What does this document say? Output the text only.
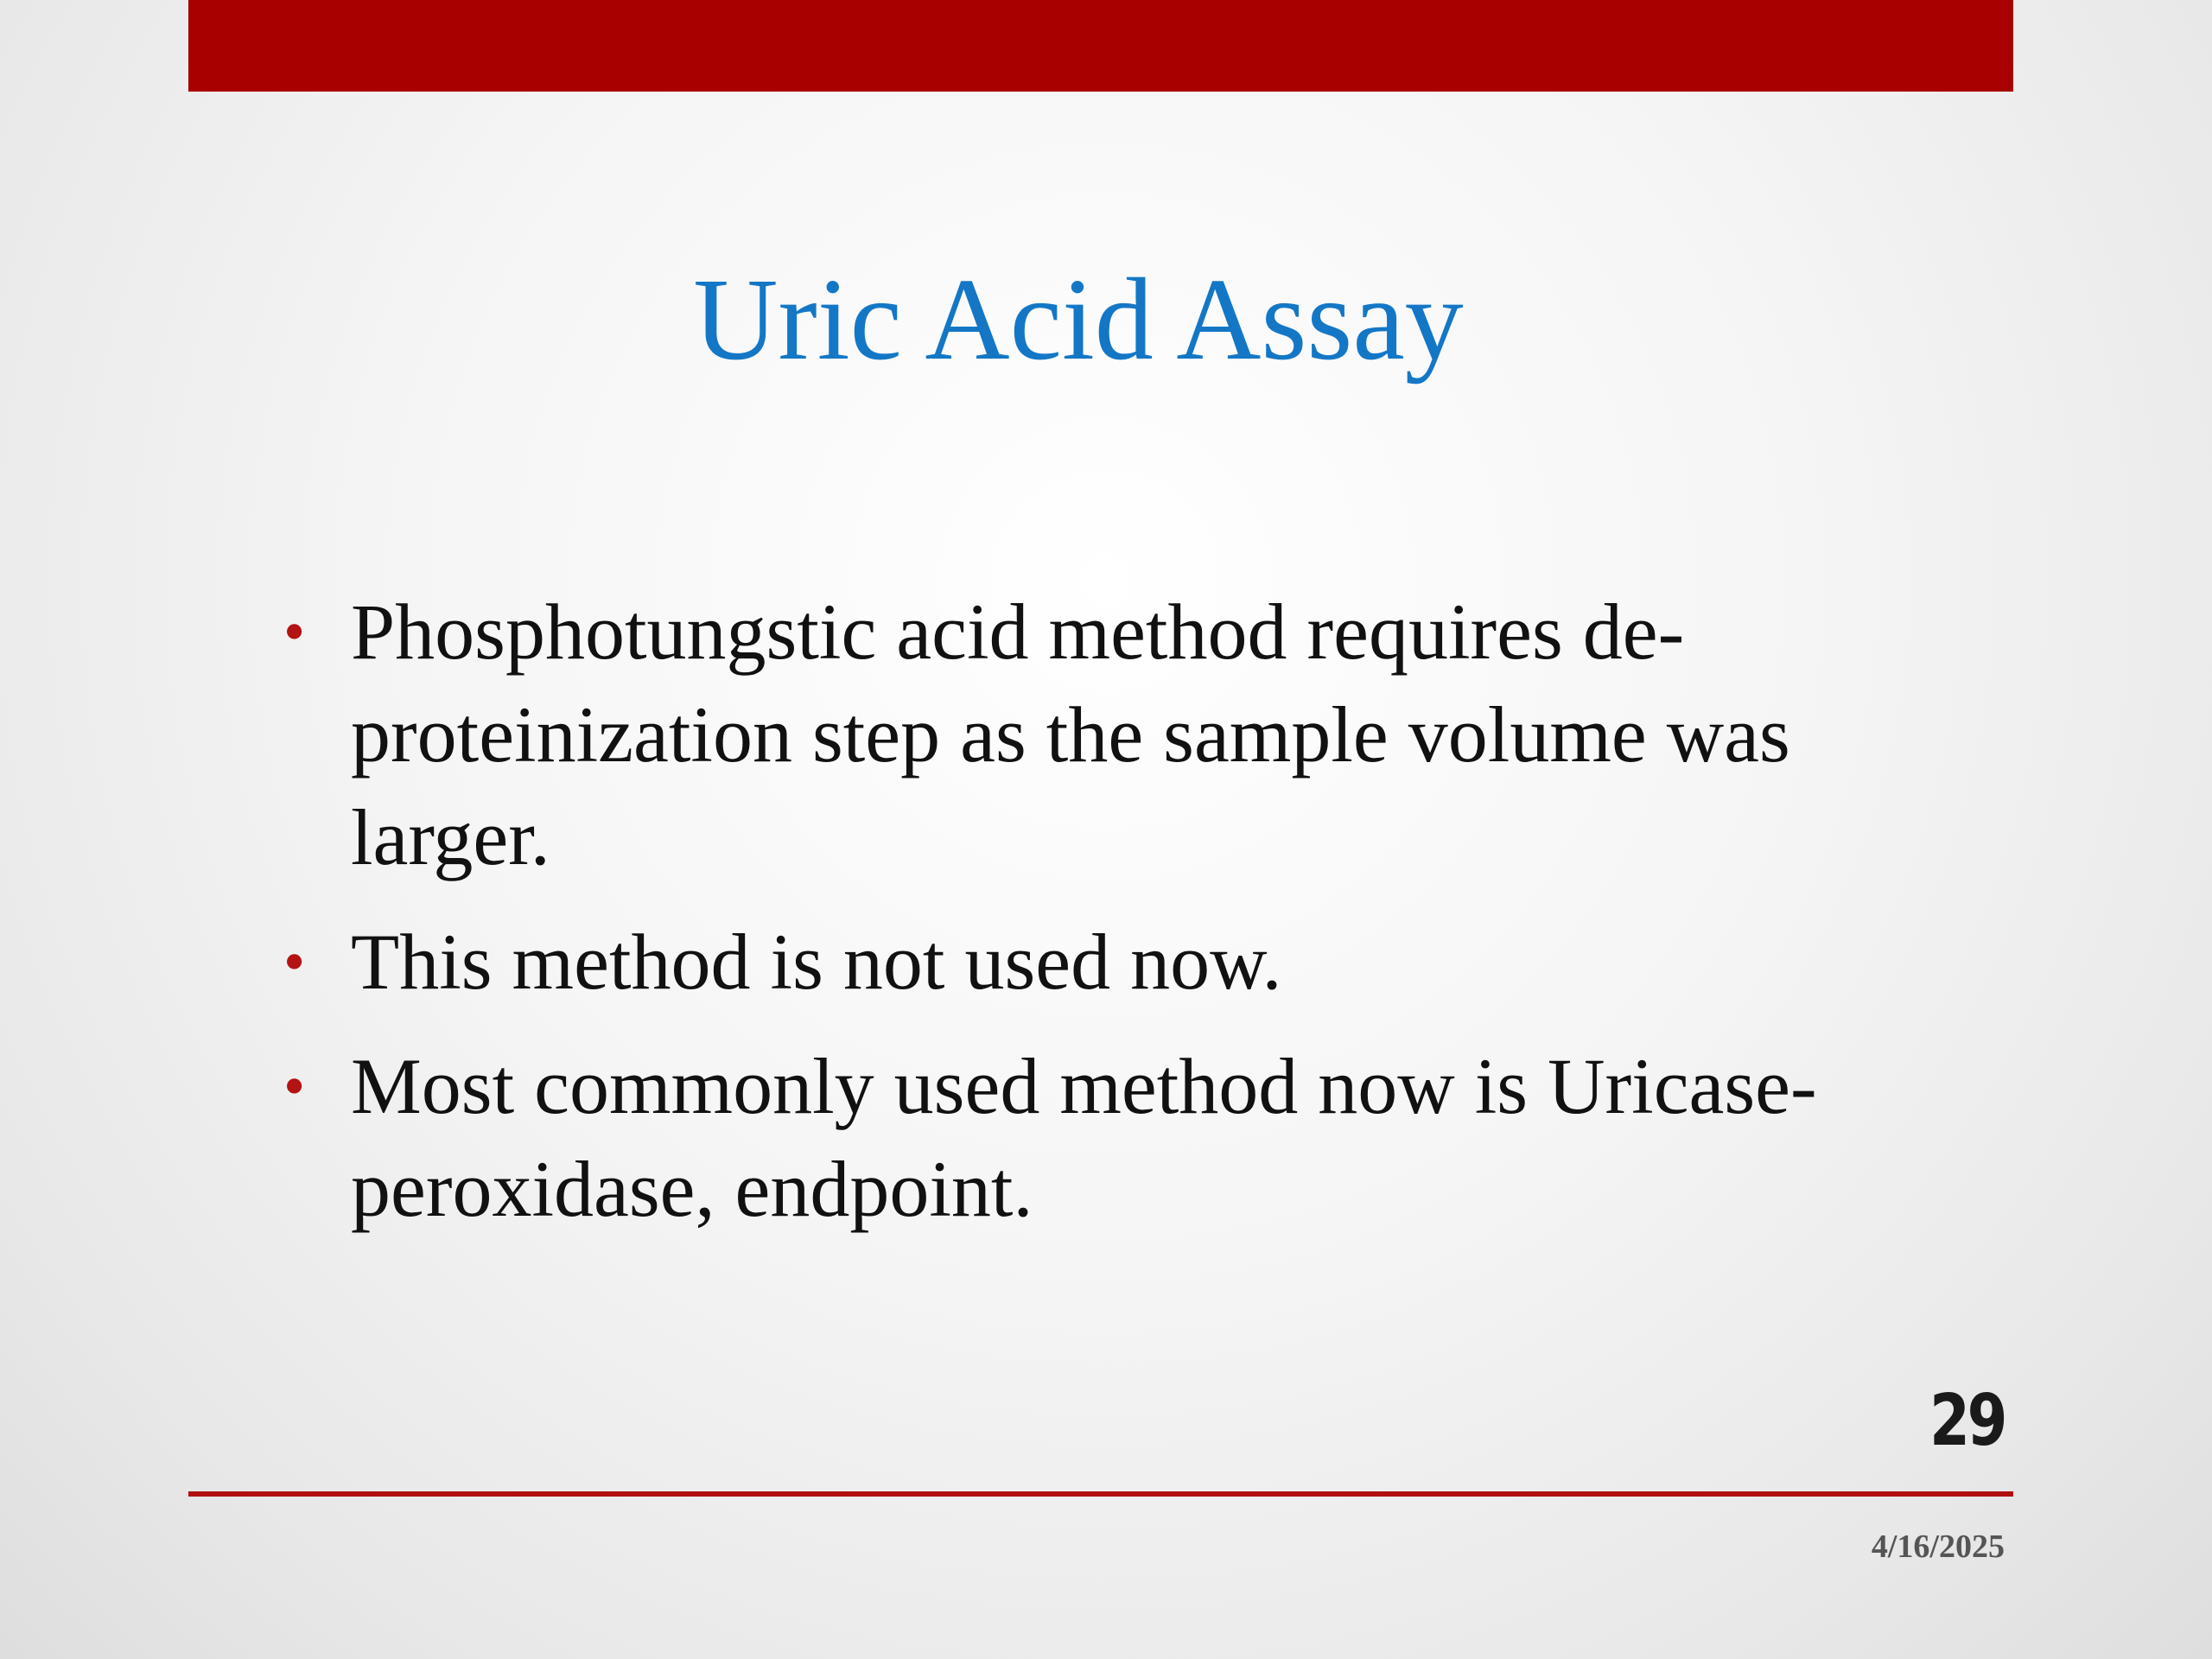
Uric Acid Assay
• Phosphotungstic acid method requires de-proteinization step as the sample volume was larger.
• This method is not used now.
• Most commonly used method now is Uricase-peroxidase, endpoint.
29
4/16/2025
